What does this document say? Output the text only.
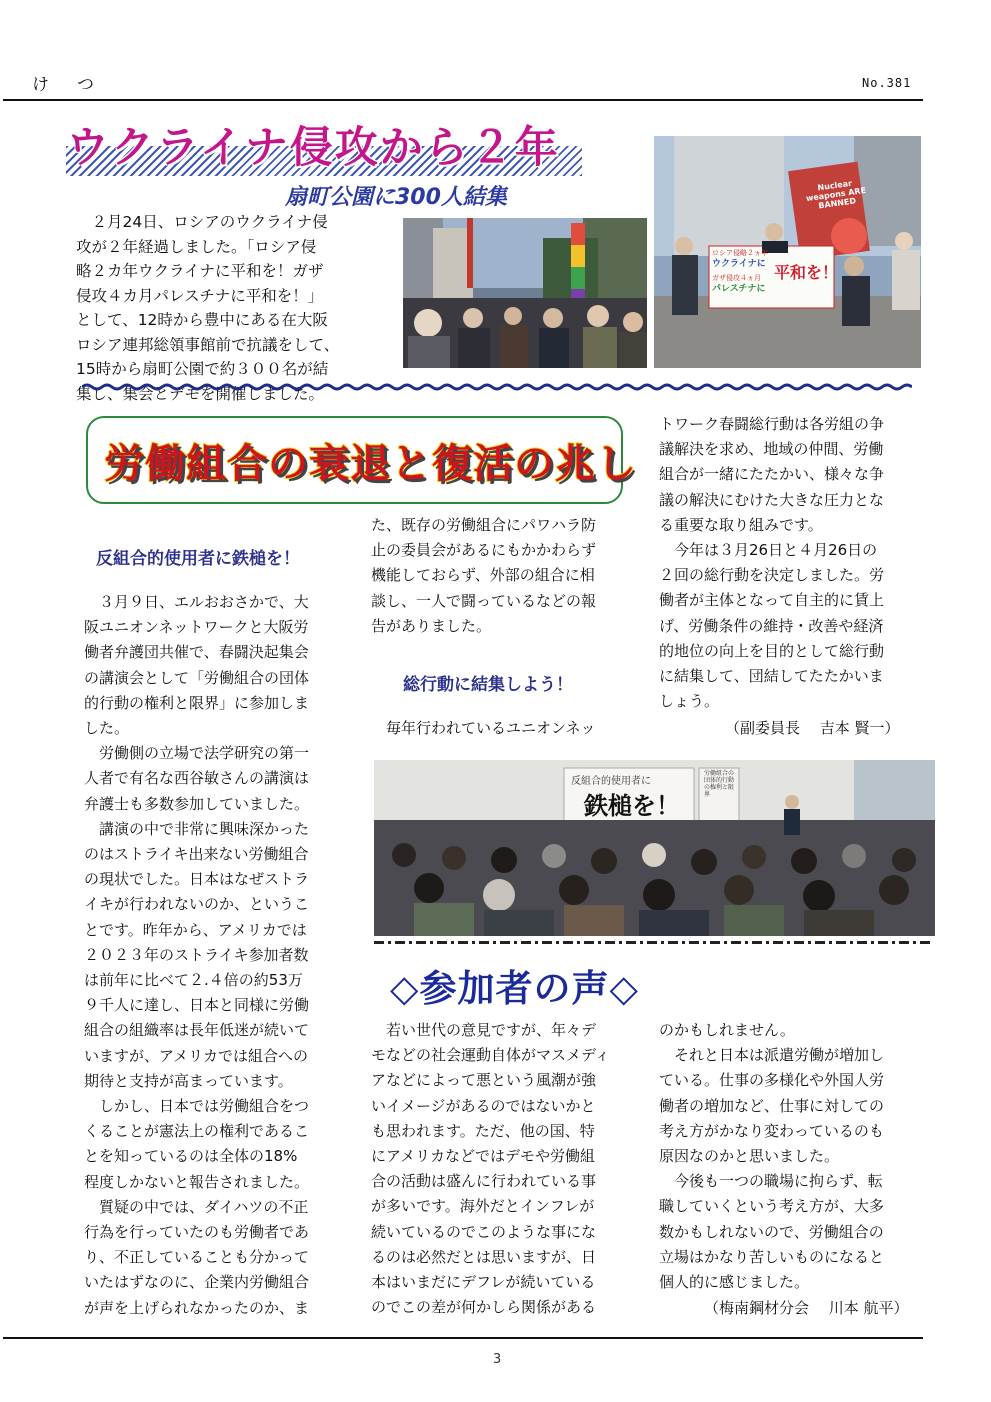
けつ	No.381
ウクライナ侵攻から２年
扇町公園に300人結集
　２月24日、ロシアのウクライナ侵
攻が２年経過しました。「ロシア侵
略２カ年ウクライナに平和を！ガザ
侵攻４カ月パレスチナに平和を！」
として、12時から豊中にある在大阪
ロシア連邦総領事館前で抗議をして、
15時から扇町公園で約３００名が結
集し、集会とデモを開催しました。
Nuclear weapons ARE BANNED
ロシア侵略２ヵ年
ウクライナに
ガザ侵攻４ヵ月
パレスチナに
平和を！
労働組合の衰退と復活の兆し
反組合的使用者に鉄槌を！
　３月９日、エルおおさかで、大
阪ユニオンネットワークと大阪労
働者弁護団共催で、春闘決起集会
の講演会として「労働組合の団体
的行動の権利と限界」に参加しま
した。
　労働側の立場で法学研究の第一
人者で有名な西谷敏さんの講演は
弁護士も多数参加していました。
　講演の中で非常に興味深かった
のはストライキ出来ない労働組合
の現状でした。日本はなぜストラ
イキが行われないのか、というこ
とです。昨年から、アメリカでは
２０２３年のストライキ参加者数
は前年に比べて２.４倍の約53万
９千人に達し、日本と同様に労働
組合の組織率は長年低迷が続いて
いますが、アメリカでは組合への
期待と支持が高まっています。
　しかし、日本では労働組合をつ
くることが憲法上の権利であるこ
とを知っているのは全体の18%
程度しかないと報告されました。
　質疑の中では、ダイハツの不正
行為を行っていたのも労働者であ
り、不正していることも分かって
いたはずなのに、企業内労働組合
が声を上げられなかったのか、ま
た、既存の労働組合にパワハラ防
止の委員会があるにもかかわらず
機能しておらず、外部の組合に相
談し、一人で闘っているなどの報
告がありました。
総行動に結集しよう！
　毎年行われているユニオンネッ
トワーク春闘総行動は各労組の争
議解決を求め、地域の仲間、労働
組合が一緒にたたかい、様々な争
議の解決にむけた大きな圧力とな
る重要な取り組みです。
　今年は３月26日と４月26日の
２回の総行動を決定しました。労
働者が主体となって自主的に賃上
げ、労働条件の維持・改善や経済
的地位の向上を目的として総行動
に結集して、団結してたたかいま
しょう。
（副委員長　 吉本 賢一）
反組合的使用者に
鉄槌を！
労働組合の団体的行動の権利と限界
◇参加者の声◇
　若い世代の意見ですが、年々デ
モなどの社会運動自体がマスメディ
アなどによって悪という風潮が強
いイメージがあるのではないかと
も思われます。ただ、他の国、特
にアメリカなどではデモや労働組
合の活動は盛んに行われている事
が多いです。海外だとインフレが
続いているのでこのような事にな
るのは必然だとは思いますが、日
本はいまだにデフレが続いている
のでこの差が何かしら関係がある
のかもしれません。
　それと日本は派遣労働が増加し
ている。仕事の多様化や外国人労
働者の増加など、仕事に対しての
考え方がかなり変わっているのも
原因なのかと思いました。
　今後も一つの職場に拘らず、転
職していくという考え方が、大多
数かもしれないので、労働組合の
立場はかなり苦しいものになると
個人的に感じました。
（梅南鋼材分会　 川本 航平）
3
